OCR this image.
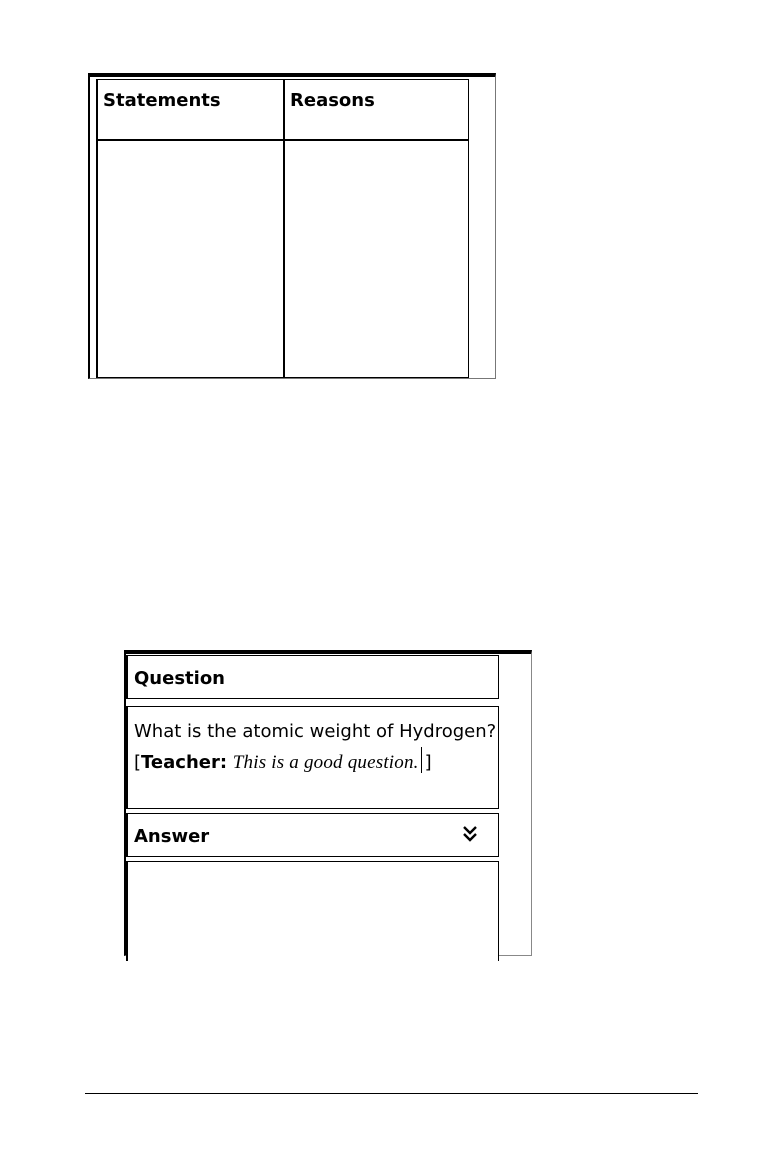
Statements	Reasons
Question
What is the atomic weight of Hydrogen?
[Teacher: This is a good question. ]
Answer
